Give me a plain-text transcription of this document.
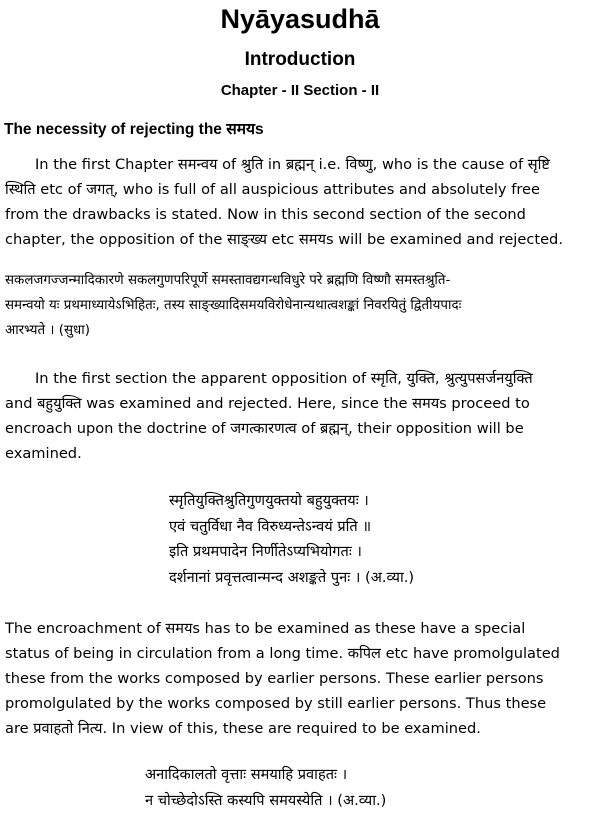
Nyāyasudhā
Introduction
Chapter - II Section - II
The necessity of rejecting the समयs
In the first Chapter समन्वय of श्रुति in ब्रह्मन् i.e. विष्णु, who is the cause of सृष्टि
स्थिति etc of जगत्, who is full of all auspicious attributes and absolutely free
from the drawbacks is stated. Now in this second section of the second
chapter, the opposition of the साङ्ख्य etc समयs will be examined and rejected.
सकलजगज्जन्मादिकारणे सकलगुणपरिपूर्णे समस्तावद्यगन्धविधुरे परे ब्रह्मणि विष्णौ समस्तश्रुति-
समन्वयो यः प्रथमाध्यायेऽभिहितः, तस्य साङ्ख्यादिसमयविरोधेनान्यथात्वशङ्कां निवरयितुं द्वितीयपादः
आरभ्यते । (सुधा)
In the first section the apparent opposition of स्मृति, युक्ति, श्रुत्युपसर्जनयुक्ति
and बहुयुक्ति was examined and rejected. Here, since the समयs proceed to
encroach upon the doctrine of जगत्कारणत्व of ब्रह्मन्, their opposition will be
examined.
स्मृतियुक्तिश्रुतिगुणयुक्तयो बहुयुक्तयः ।
एवं चतुर्विधा नैव विरुध्यन्तेऽन्वयं प्रति ॥
इति प्रथमपादेन निर्णीतेऽप्यभियोगतः ।
दर्शनानां प्रवृत्तत्वान्मन्द अशङ्कते पुनः । (अ.व्या.)
The encroachment of समयs has to be examined as these have a special
status of being in circulation from a long time. कपिल etc have promolgulated
these from the works composed by earlier persons. These earlier persons
promolgulated by the works composed by still earlier persons. Thus these
are प्रवाहतो नित्य. In view of this, these are required to be examined.
अनादिकालतो वृत्ताः समयाहि प्रवाहतः ।
न चोच्छेदोऽस्ति कस्यपि समयस्येति । (अ.व्या.)
